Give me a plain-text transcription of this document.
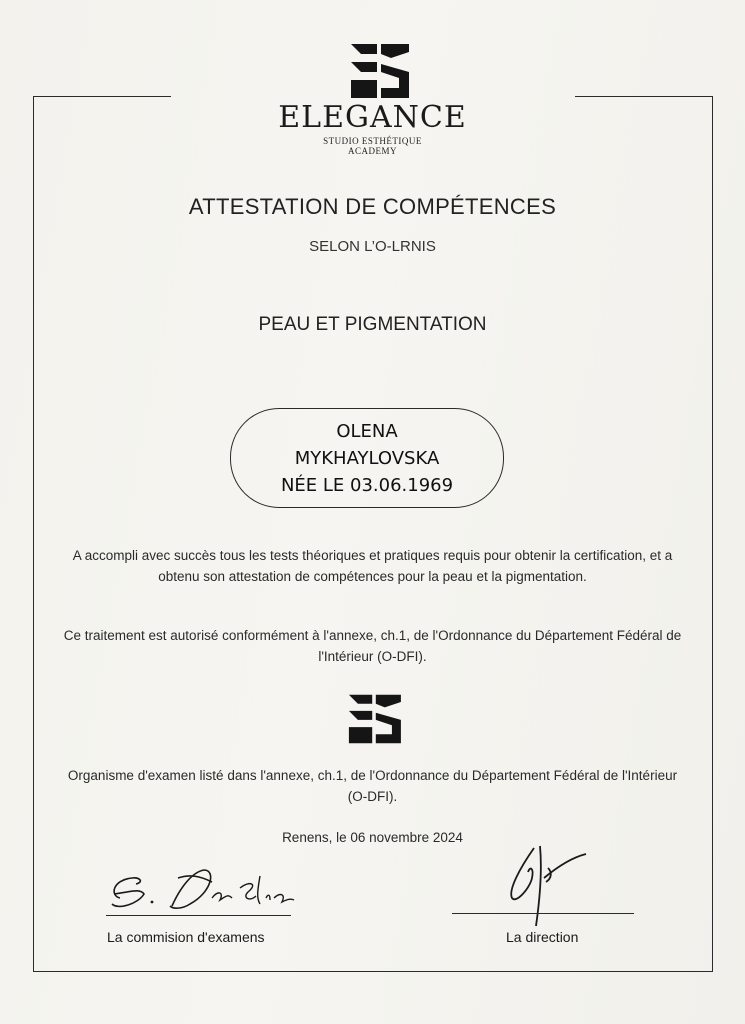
ELEGANCE
STUDIO ESTHÉTIQUE
ACADEMY
ATTESTATION DE COMPÉTENCES
SELON L’O-LRNIS
PEAU ET PIGMENTATION
OLENA
MYKHAYLOVSKA
NÉE LE 03.06.1969
A accompli avec succès tous les tests théoriques et pratiques requis pour obtenir la certification, et a obtenu son attestation de compétences pour la peau et la pigmentation.
Ce traitement est autorisé conformément à l'annexe, ch.1, de l'Ordonnance du Département Fédéral de l'Intérieur (O-DFI).
Organisme d'examen listé dans l'annexe, ch.1, de l'Ordonnance du Département Fédéral de l'Intérieur (O-DFI).
Renens, le 06 novembre 2024
La commision d'examens	La direction
